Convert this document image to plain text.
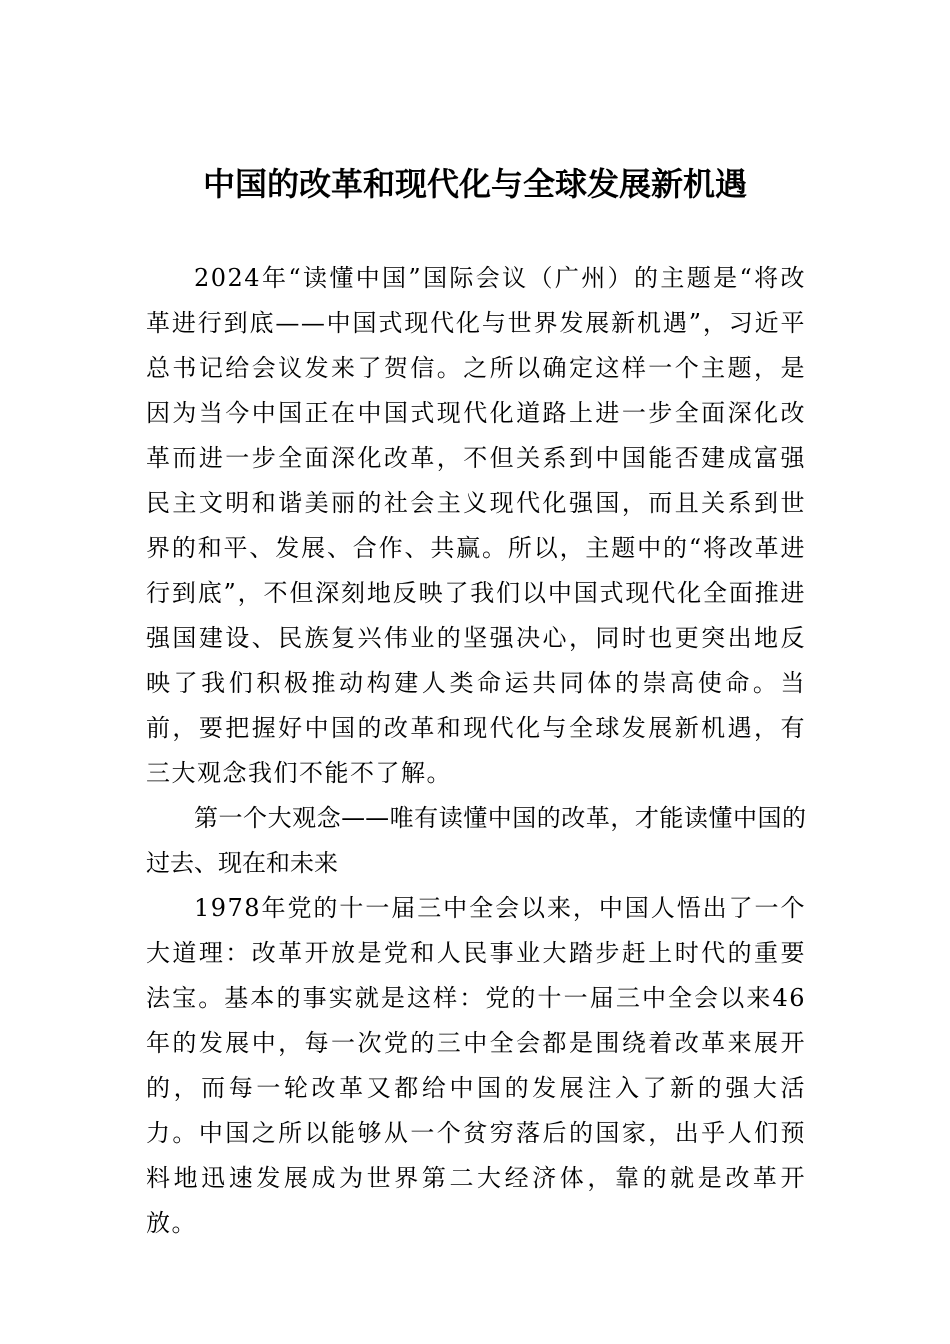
中国的改革和现代化与全球发展新机遇

2024年“读懂中国”国际会议（广州）的主题是“将改革进行到底——中国式现代化与世界发展新机遇”，习近平总书记给会议发来了贺信。之所以确定这样一个主题，是因为当今中国正在中国式现代化道路上进一步全面深化改革而进一步全面深化改革，不但关系到中国能否建成富强民主文明和谐美丽的社会主义现代化强国，而且关系到世界的和平、发展、合作、共赢。所以，主题中的“将改革进行到底”，不但深刻地反映了我们以中国式现代化全面推进强国建设、民族复兴伟业的坚强决心，同时也更突出地反映了我们积极推动构建人类命运共同体的崇高使命。当前，要把握好中国的改革和现代化与全球发展新机遇，有三大观念我们不能不了解。

第一个大观念——唯有读懂中国的改革，才能读懂中国的过去、现在和未来

1978年党的十一届三中全会以来，中国人悟出了一个大道理：改革开放是党和人民事业大踏步赶上时代的重要法宝。基本的事实就是这样：党的十一届三中全会以来46年的发展中，每一次党的三中全会都是围绕着改革来展开的，而每一轮改革又都给中国的发展注入了新的强大活力。中国之所以能够从一个贫穷落后的国家，出乎人们预料地迅速发展成为世界第二大经济体，靠的就是改革开放。
